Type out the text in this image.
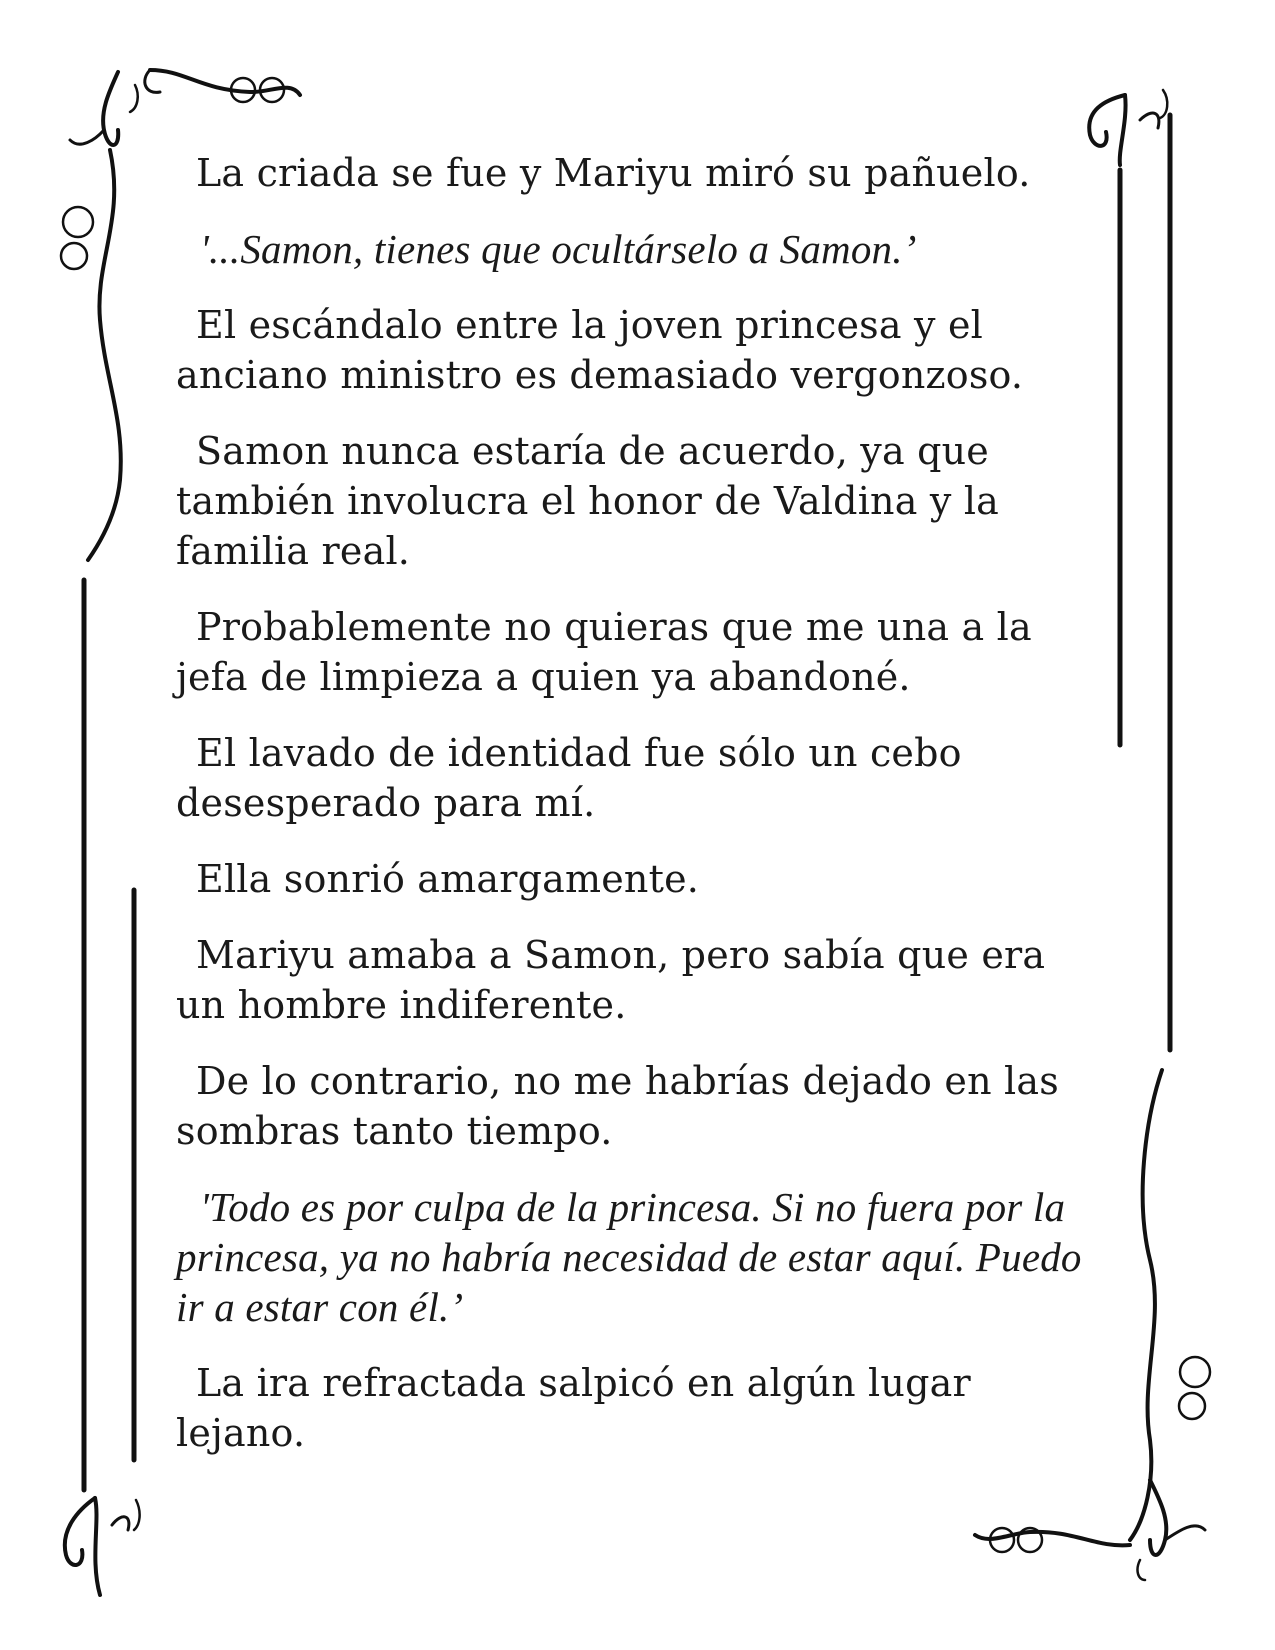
La criada se fue y Mariyu miró su pañuelo.

'...Samon, tienes que ocultárselo a Samon.’

El escándalo entre la joven princesa y el anciano ministro es demasiado vergonzoso.

Samon nunca estaría de acuerdo, ya que también involucra el honor de Valdina y la familia real.

Probablemente no quieras que me una a la jefa de limpieza a quien ya abandoné.

El lavado de identidad fue sólo un cebo desesperado para mí.

Ella sonrió amargamente.

Mariyu amaba a Samon, pero sabía que era un hombre indiferente.

De lo contrario, no me habrías dejado en las sombras tanto tiempo.

'Todo es por culpa de la princesa. Si no fuera por la princesa, ya no habría necesidad de estar aquí. Puedo ir a estar con él.’

La ira refractada salpicó en algún lugar lejano.
